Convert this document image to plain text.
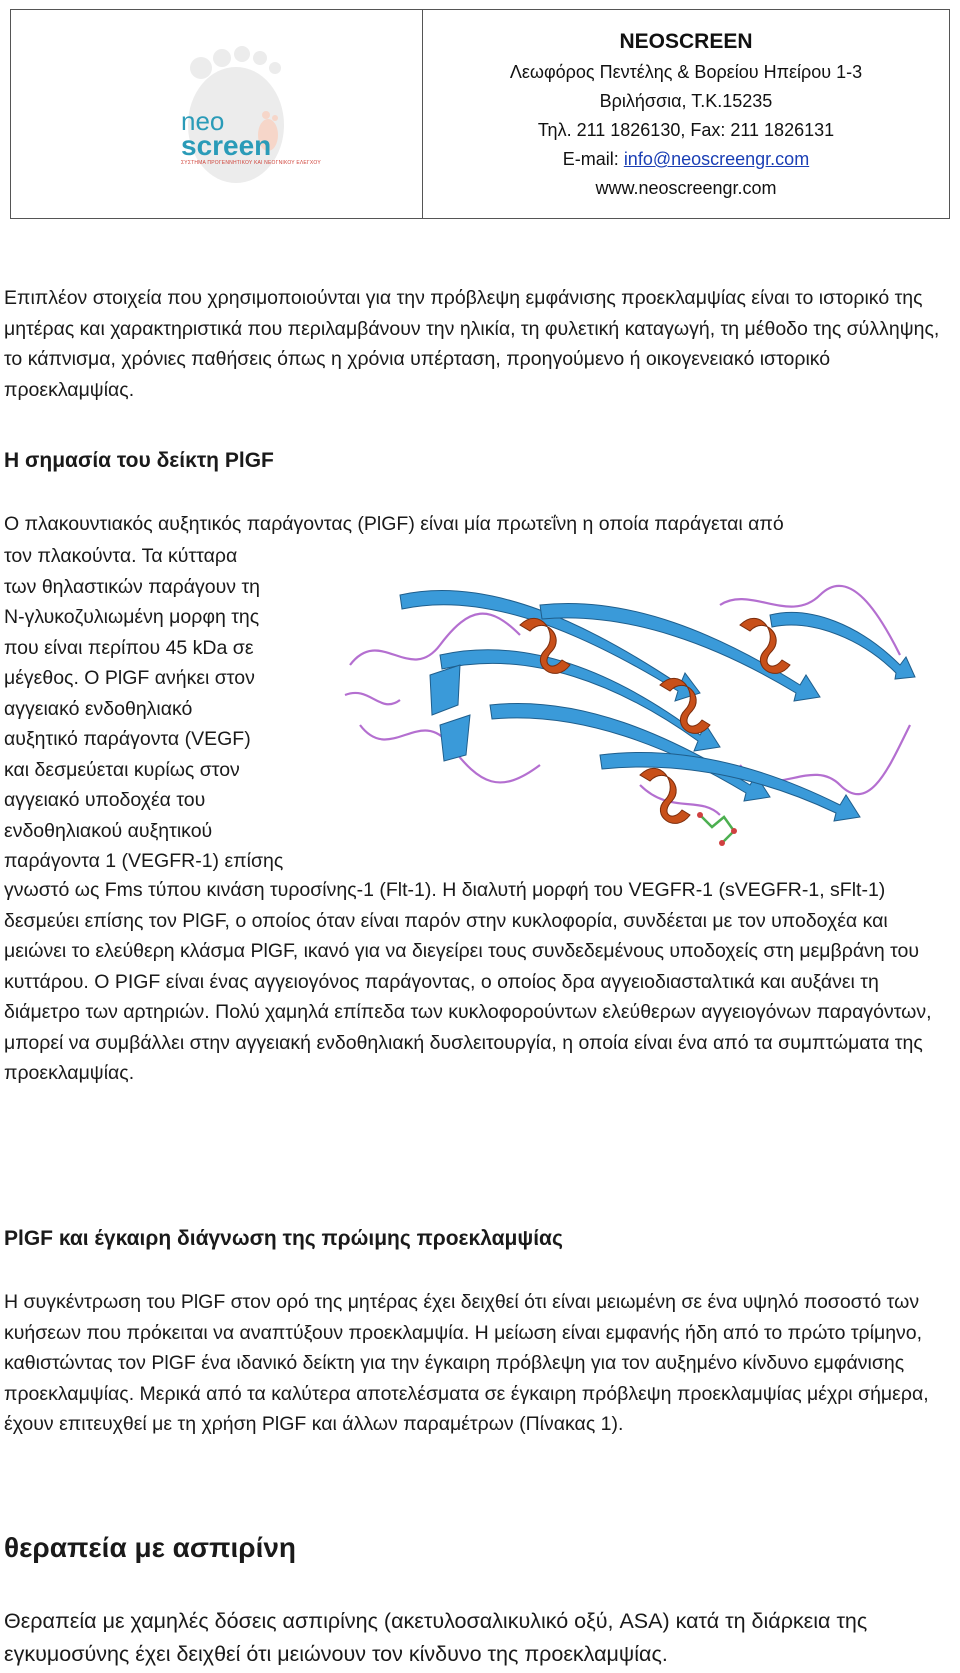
neo
screen
ΣΥΣΤΗΜΑ ΠΡΟΓΕΝΝΗΤΙΚΟΥ ΚΑΙ ΝΕΟΓΝΙΚΟΥ ΕΛΕΓΧΟΥ
NEOSCREEN
Λεωφόρος Πεντέλης & Βορείου Ηπείρου 1-3
Βριλήσσια, Τ.Κ.15235
Τηλ. 211 1826130, Fax: 211 1826131
E-mail: info@neoscreengr.com
www.neoscreengr.com

Επιπλέον στοιχεία που χρησιμοποιούνται για την πρόβλεψη εμφάνισης προεκλαμψίας είναι το ιστορικό της μητέρας και χαρακτηριστικά που περιλαμβάνουν την ηλικία, τη φυλετική καταγωγή, τη μέθοδο της σύλληψης, το κάπνισμα, χρόνιες παθήσεις όπως η χρόνια υπέρταση, προηγούμενο ή οικογενειακό ιστορικό προεκλαμψίας.

Η σημασία του δείκτη PlGF

Ο πλακουντιακός αυξητικός παράγοντας (PlGF) είναι μία πρωτεΐνη η οποία παράγεται από

τον πλακούντα. Τα κύτταρα
των θηλαστικών παράγουν τη
Ν-γλυκοζυλιωμένη μορφη της
που είναι περίπου 45 kDa σε
μέγεθος. Ο PlGF ανήκει στον
αγγειακό ενδοθηλιακό
αυξητικό παράγοντα (VEGF)
και δεσμεύεται κυρίως στον
αγγειακό υποδοχέα του
ενδοθηλιακού αυξητικού
παράγοντα 1 (VEGFR-1) επίσης

γνωστό ως Fms τύπου κινάση τυροσίνης-1 (Flt-1). Η διαλυτή μορφή του VEGFR-1 (sVEGFR-1, sFlt-1) δεσμεύει επίσης τον PlGF, ο οποίος όταν είναι παρόν στην κυκλοφορία, συνδέεται με τον υποδοχέα και μειώνει το ελεύθερη κλάσμα PlGF, ικανό για να διεγείρει τους συνδεδεμένους υποδοχείς στη μεμβράνη του κυττάρου. Ο PIGF είναι ένας αγγειογόνος παράγοντας, ο οποίος δρα αγγειοδιασταλτικά και αυξάνει τη διάμετρο των αρτηριών. Πολύ χαμηλά επίπεδα των κυκλοφορούντων ελεύθερων αγγειογόνων παραγόντων, μπορεί να συμβάλλει στην αγγειακή ενδοθηλιακή δυσλειτουργία, η οποία είναι ένα από τα συμπτώματα της προεκλαμψίας.

PlGF και έγκαιρη διάγνωση της πρώιμης προεκλαμψίας

Η συγκέντρωση του PlGF στον ορό της μητέρας έχει δειχθεί ότι είναι μειωμένη σε ένα υψηλό ποσοστό των κυήσεων που πρόκειται να αναπτύξουν προεκλαμψία. Η μείωση είναι εμφανής ήδη από το πρώτο τρίμηνο, καθιστώντας τον PlGF ένα ιδανικό δείκτη για την έγκαιρη πρόβλεψη για τον αυξημένο κίνδυνο εμφάνισης προεκλαμψίας. Μερικά από τα καλύτερα αποτελέσματα σε έγκαιρη πρόβλεψη προεκλαμψίας μέχρι σήμερα, έχουν επιτευχθεί με τη χρήση PlGF και άλλων παραμέτρων (Πίνακας 1).

θεραπεία με ασπιρίνη

Θεραπεία με χαμηλές δόσεις ασπιρίνης (ακετυλοσαλικυλικό οξύ, ASA) κατά τη διάρκεια της εγκυμοσύνης έχει δειχθεί ότι μειώνουν τον κίνδυνο της προεκλαμψίας.
